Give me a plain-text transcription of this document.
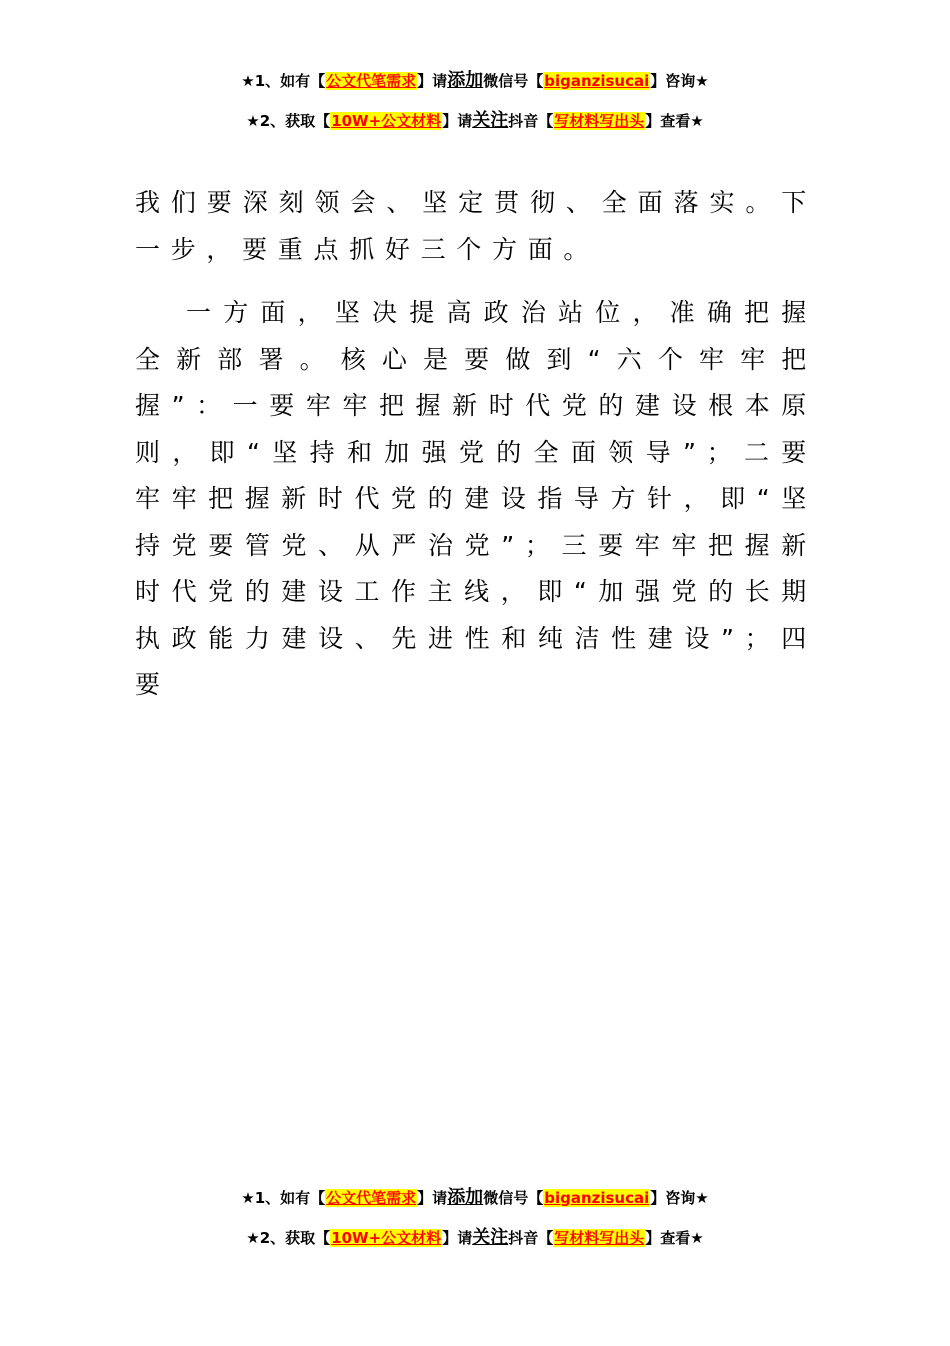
★1、如有【公文代笔需求】请添加微信号【biganzisucai】咨询★
★2、获取【10W+公文材料】请关注抖音【写材料写出头】查看★

我们要深刻领会、坚定贯彻、全面落实。下一步，要重点抓好三个方面。

一方面，坚决提高政治站位，准确把握全新部署。核心是要做到“六个牢牢把握”：一要牢牢把握新时代党的建设根本原则，即“坚持和加强党的全面领导”；二要牢牢把握新时代党的建设指导方针，即“坚持党要管党、从严治党”；三要牢牢把握新时代党的建设工作主线，即“加强党的长期执政能力建设、先进性和纯洁性建设”；四要

★1、如有【公文代笔需求】请添加微信号【biganzisucai】咨询★
★2、获取【10W+公文材料】请关注抖音【写材料写出头】查看★
